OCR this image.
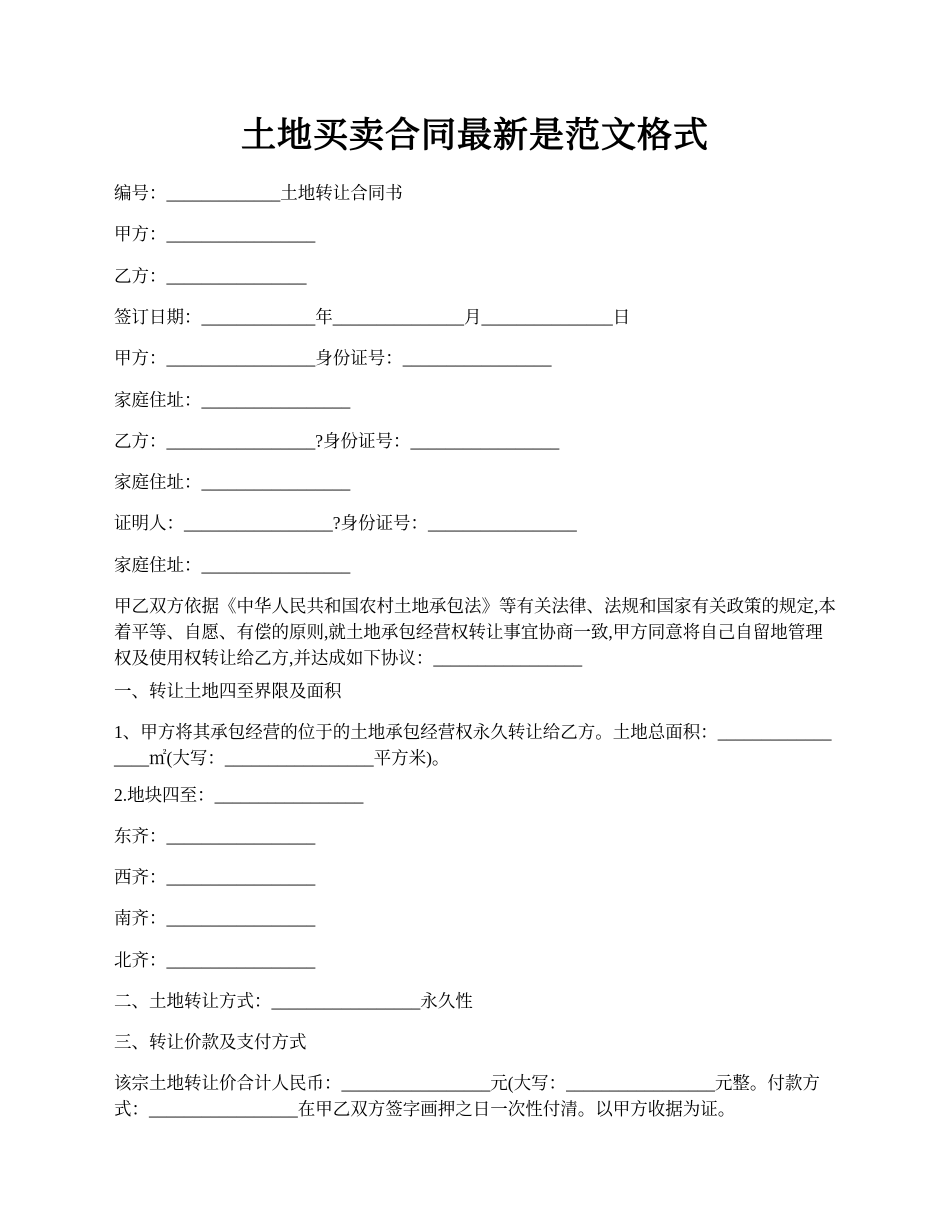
土地买卖合同最新是范文格式

编号：_____________土地转让合同书

甲方：_________________

乙方：________________

签订日期：_____________年_______________月_______________日

甲方：_________________身份证号：_________________

家庭住址：_________________

乙方：_________________?身份证号：_________________

家庭住址：_________________

证明人：_________________?身份证号：_________________

家庭住址：_________________

甲乙双方依据《中华人民共和国农村土地承包法》等有关法律、法规和国家有关政策的规定,本着平等、自愿、有偿的原则,就土地承包经营权转让事宜协商一致,甲方同意将自己自留地管理权及使用权转让给乙方,并达成如下协议：_________________

一、转让土地四至界限及面积

1、甲方将其承包经营的位于的土地承包经营权永久转让给乙方。土地总面积：_________________㎡(大写：_________________平方米)。

2.地块四至：_________________

东齐：_________________

西齐：_________________

南齐：_________________

北齐：_________________

二、土地转让方式：_________________永久性

三、转让价款及支付方式

该宗土地转让价合计人民币：_________________元(大写：_________________元整。付款方式：_________________在甲乙双方签字画押之日一次性付清。以甲方收据为证。
